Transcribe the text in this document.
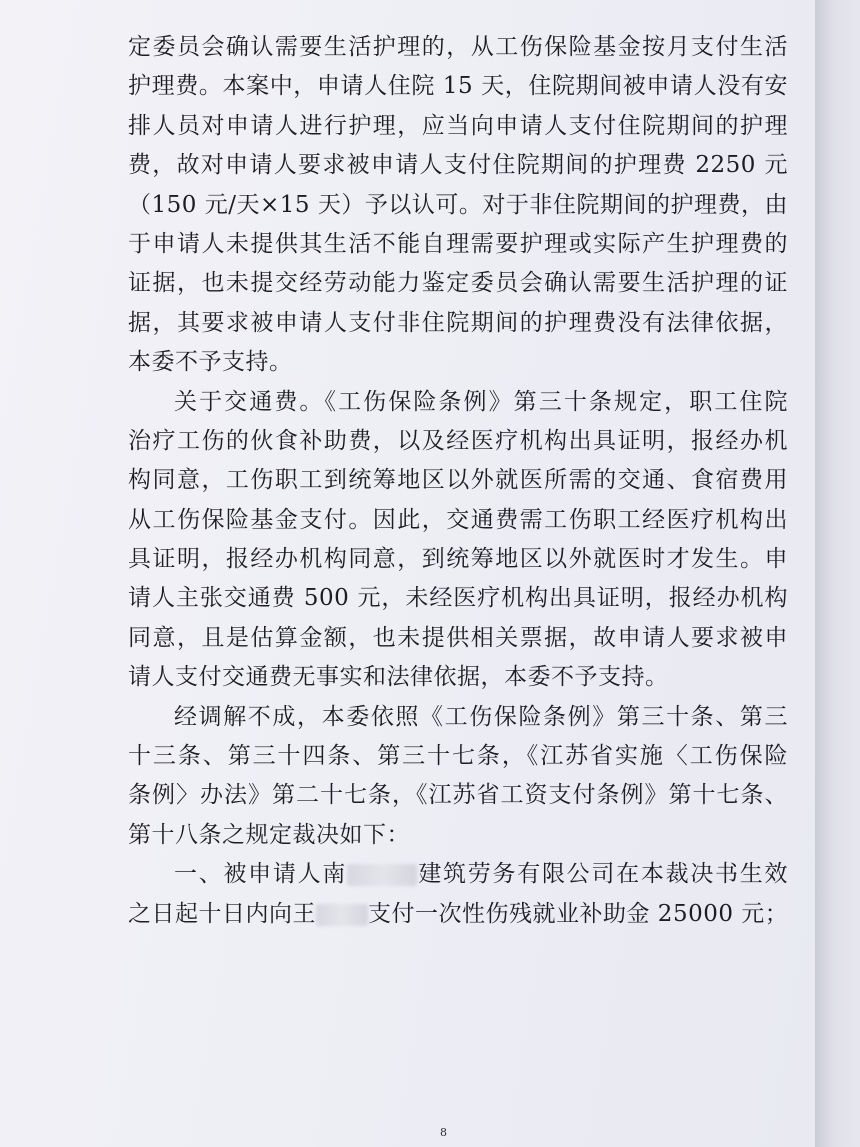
定委员会确认需要生活护理的，从工伤保险基金按月支付生活
护理费。本案中，申请人住院 15 天，住院期间被申请人没有安
排人员对申请人进行护理，应当向申请人支付住院期间的护理
费，故对申请人要求被申请人支付住院期间的护理费 2250 元
（150 元/天×15 天）予以认可。对于非住院期间的护理费，由
于申请人未提供其生活不能自理需要护理或实际产生护理费的
证据，也未提交经劳动能力鉴定委员会确认需要生活护理的证
据，其要求被申请人支付非住院期间的护理费没有法律依据，
本委不予支持。
关于交通费。《工伤保险条例》第三十条规定，职工住院
治疗工伤的伙食补助费，以及经医疗机构出具证明，报经办机
构同意，工伤职工到统筹地区以外就医所需的交通、食宿费用
从工伤保险基金支付。因此，交通费需工伤职工经医疗机构出
具证明，报经办机构同意，到统筹地区以外就医时才发生。申
请人主张交通费 500 元，未经医疗机构出具证明，报经办机构
同意，且是估算金额，也未提供相关票据，故申请人要求被申
请人支付交通费无事实和法律依据，本委不予支持。
经调解不成，本委依照《工伤保险条例》第三十条、第三
十三条、第三十四条、第三十七条，《江苏省实施〈工伤保险
条例〉办法》第二十七条，《江苏省工资支付条例》第十七条、
第十八条之规定裁决如下：
一、被申请人南	建筑劳务有限公司在本裁决书生效
之日起十日内向王 支付一次性伤残就业补助金 25000 元；
8
